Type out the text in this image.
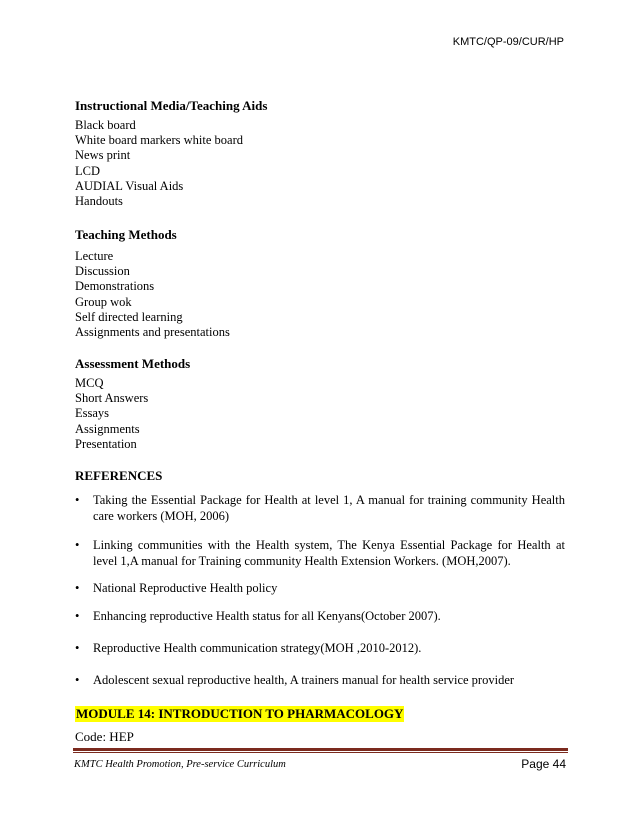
KMTC/QP-09/CUR/HP
Instructional Media/Teaching Aids
Black board
White board markers white board
News print
LCD
AUDIAL Visual Aids
Handouts
Teaching Methods
Lecture
Discussion
Demonstrations
Group wok
Self directed learning
Assignments and presentations
Assessment Methods
MCQ
Short Answers
Essays
Assignments
Presentation
REFERENCES
• Taking the Essential Package for Health at level 1, A manual for training community Health care workers (MOH, 2006)
• Linking communities with the Health system, The Kenya Essential Package for Health at level 1,A manual for Training community Health Extension Workers. (MOH,2007).
• National Reproductive Health policy
• Enhancing reproductive Health status for all Kenyans(October 2007).
• Reproductive Health communication strategy(MOH ,2010-2012).
• Adolescent sexual reproductive health, A trainers manual for health service provider
MODULE 14: INTRODUCTION TO PHARMACOLOGY
Code: HEP
KMTC Health Promotion, Pre-service Curriculum	Page 44
